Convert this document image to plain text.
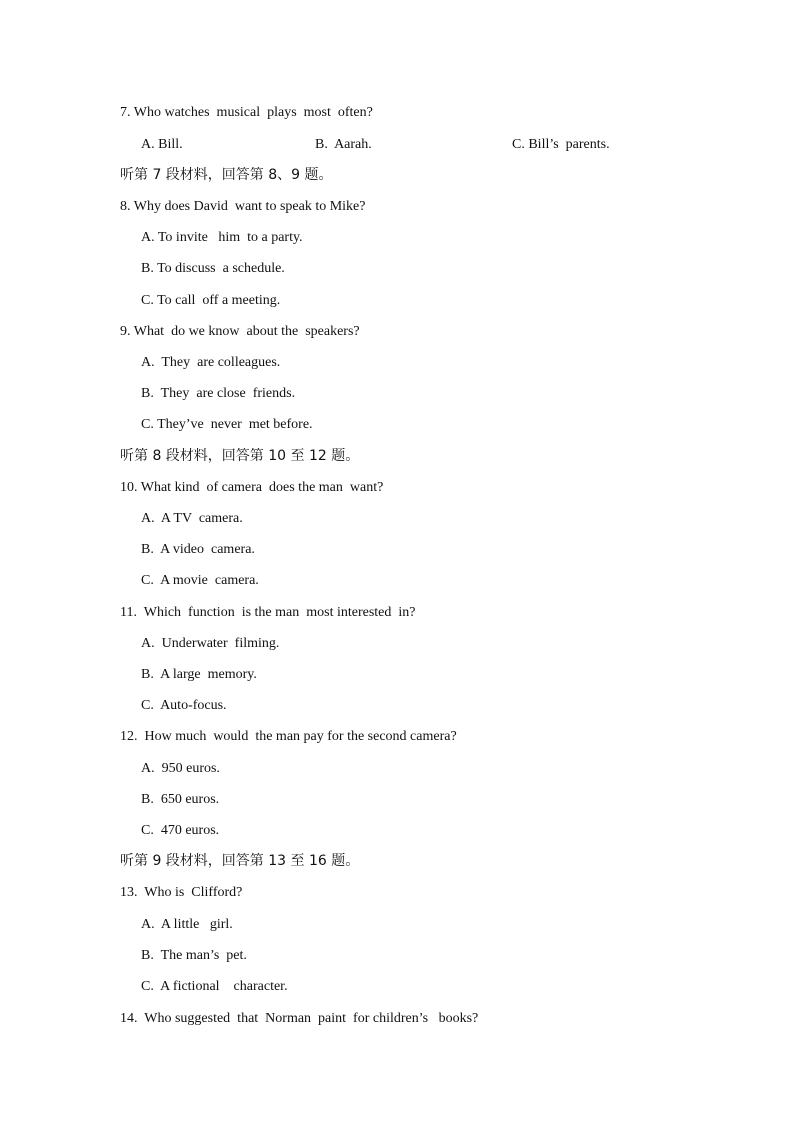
7. Who watches  musical  plays  most  often?
A. Bill.	B.  Aarah.	C. Bill’s  parents.
听第 7 段材料，回答第 8、9 题。
8. Why does David  want to speak to Mike?
A. To invite   him  to a party.
B. To discuss  a schedule.
C. To call  off a meeting.
9. What  do we know  about the  speakers?
A.  They  are colleagues.
B.  They  are close  friends.
C. They’ve  never  met before.
听第 8 段材料，回答第 10 至 12 题。
10. What kind  of camera  does the man  want?
A.  A TV  camera.
B.  A video  camera.
C.  A movie  camera.
11.  Which  function  is the man  most interested  in?
A.  Underwater  filming.
B.  A large  memory.
C.  Auto-focus.
12.  How much  would  the man pay for the second camera?
A.  950 euros.
B.  650 euros.
C.  470 euros.
听第 9 段材料，回答第 13 至 16 题。
13.  Who is  Clifford?
A.  A little   girl.
B.  The man’s  pet.
C.  A fictional    character.
14.  Who suggested  that  Norman  paint  for children’s   books?
